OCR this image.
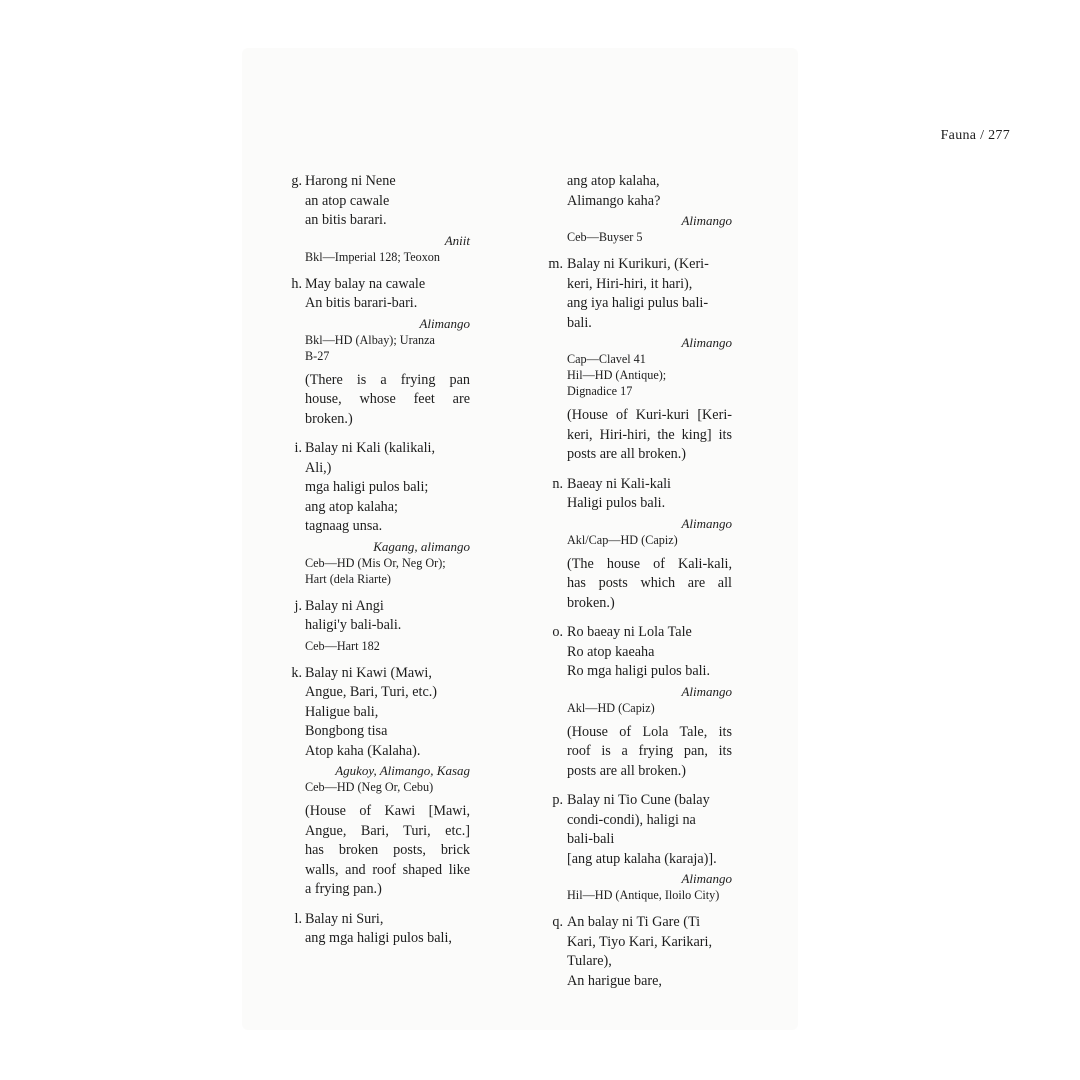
Fauna / 277
g. Harong ni Nene
an atop cawale
an bitis barari.
Aniit
Bkl—Imperial 128; Teoxon
h. May balay na cawale
An bitis barari-bari.
Alimango
Bkl—HD (Albay); Uranza
B-27
(There is a frying pan
house, whose feet are
broken.)
i. Balay ni Kali (kalikali,
Ali,)
mga haligi pulos bali;
ang atop kalaha;
tagnaag unsa.
Kagang, alimango
Ceb—HD (Mis Or, Neg Or);
Hart (dela Riarte)
j. Balay ni Angi
haligi'y bali-bali.
Ceb—Hart 182
k. Balay ni Kawi (Mawi,
Angue, Bari, Turi, etc.)
Haligue bali,
Bongbong tisa
Atop kaha (Kalaha).
Agukoy, Alimango, Kasag
Ceb—HD (Neg Or, Cebu)
(House of Kawi [Mawi,
Angue, Bari, Turi, etc.]
has broken posts, brick
walls, and roof shaped like
a frying pan.)
l. Balay ni Suri,
ang mga haligi pulos bali,
ang atop kalaha,
Alimango kaha?
Alimango
Ceb—Buyser 5
m. Balay ni Kurikuri, (Keri-
keri, Hiri-hiri, it hari),
ang iya haligi pulus bali-
bali.
Alimango
Cap—Clavel 41
Hil—HD (Antique);
Dignadice 17
(House of Kuri-kuri [Keri-
keri, Hiri-hiri, the king] its
posts are all broken.)
n. Baeay ni Kali-kali
Haligi pulos bali.
Alimango
Akl/Cap—HD (Capiz)
(The house of Kali-kali,
has posts which are all
broken.)
o. Ro baeay ni Lola Tale
Ro atop kaeaha
Ro mga haligi pulos bali.
Alimango
Akl—HD (Capiz)
(House of Lola Tale, its
roof is a frying pan, its
posts are all broken.)
p. Balay ni Tio Cune (balay
condi-condi), haligi na
bali-bali
[ang atup kalaha (karaja)].
Alimango
Hil—HD (Antique, Iloilo City)
q. An balay ni Ti Gare (Ti
Kari, Tiyo Kari, Karikari,
Tulare),
An harigue bare,
